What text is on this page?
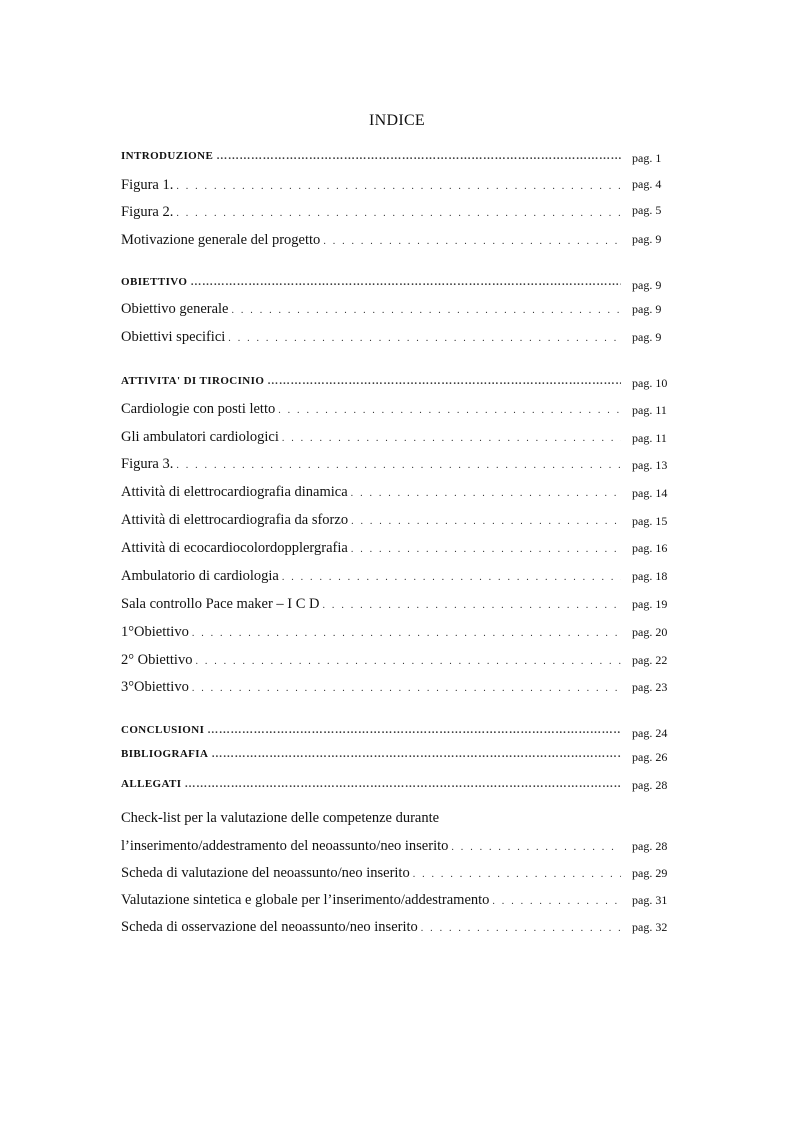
INDICE
INTRODUZIONE ……………………………………………………………………………………………………………………………………………………………………………………………………………………………	pag. 1
Figura 1. . . .	pag. 4
Figura 2. . . .	pag. 5
Motivazione generale del progetto . . .	pag. 9
OBIETTIVO ……………………………………………………………………………………………………………………………………………………………………………………………………………………………	pag. 9
Obiettivo generale . . .	pag. 9
Obiettivi specifici . . .	pag. 9
ATTIVITA' DI TIROCINIO ……………………………………………………………………………………………………………………………………………………………………………………………………………………………	pag. 10
Cardiologie con posti letto . . .	pag. 11
Gli ambulatori cardiologici . . .	pag. 11
Figura 3. . . .	pag. 13
Attività di elettrocardiografia dinamica . . .	pag. 14
Attività di elettrocardiografia da sforzo . . .	pag. 15
Attività di ecocardiocolordopplergrafia . . .	pag. 16
Ambulatorio di cardiologia . . .	pag. 18
Sala controllo Pace maker – I C D . . .	pag. 19
1°Obiettivo . . .	pag. 20
2° Obiettivo . . .	pag. 22
3°Obiettivo . . .	pag. 23
CONCLUSIONI ……………………………………………………………………………………………………………………………………………………………………………………………………………………………	pag. 24
BIBLIOGRAFIA ……………………………………………………………………………………………………………………………………………………………………………………………………………………………	pag. 26
ALLEGATI ……………………………………………………………………………………………………………………………………………………………………………………………………………………………	pag. 28
Check-list per la valutazione delle competenze durante
l’inserimento/addestramento del neoassunto/neo inserito . . .	pag. 28
Scheda di valutazione del neoassunto/neo inserito . . .	pag. 29
Valutazione sintetica e globale per l’inserimento/addestramento . . .	pag. 31
Scheda di osservazione del neoassunto/neo inserito . . .	pag. 32
